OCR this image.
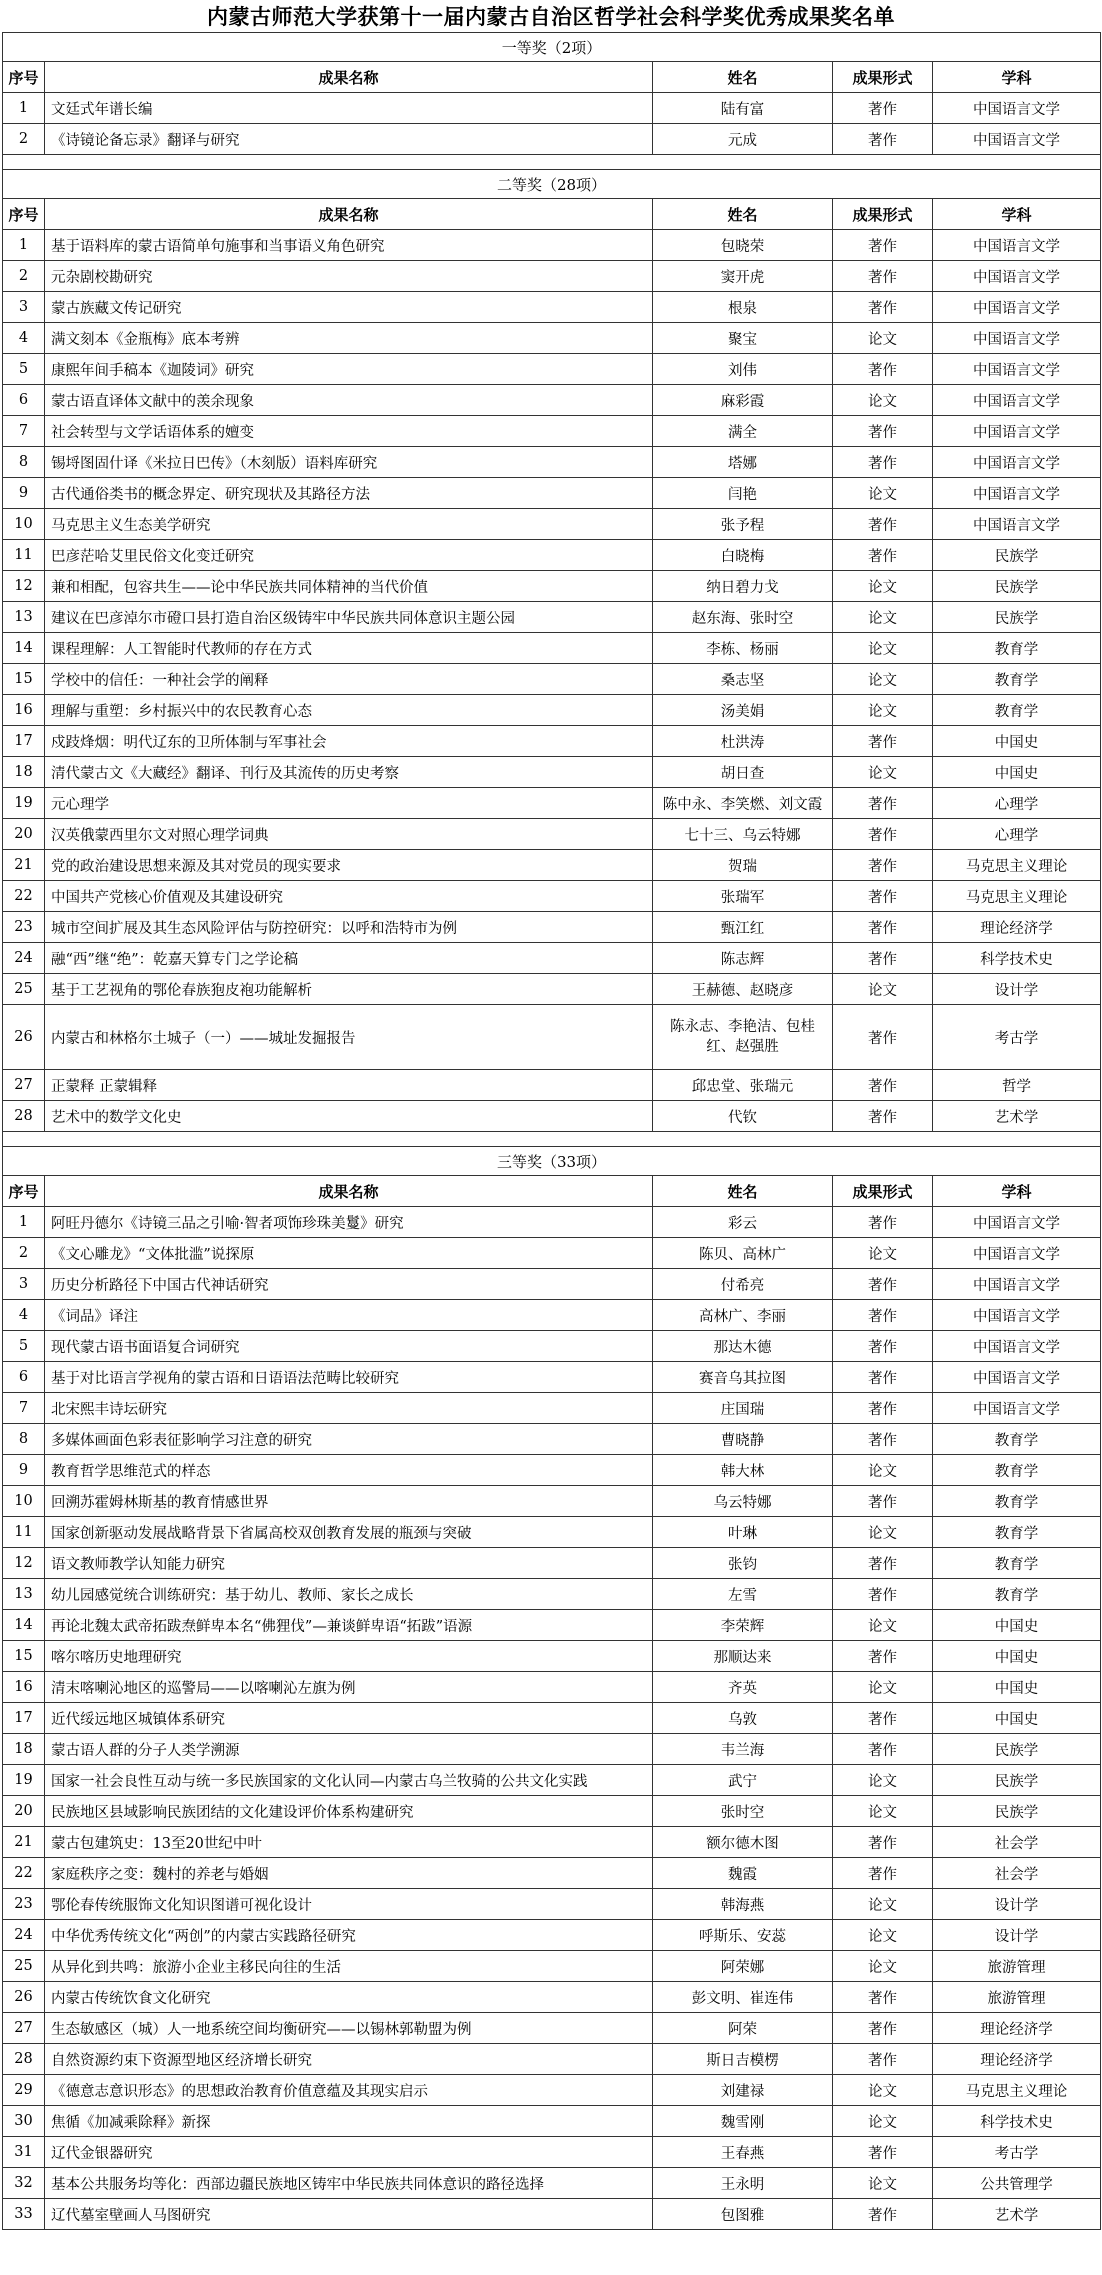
内蒙古师范大学获第十一届内蒙古自治区哲学社会科学奖优秀成果奖名单
一等奖（2项）				
序号	成果名称	姓名	成果形式	学科
1	文廷式年谱长编	陆有富	著作	中国语言文学
2	《诗镜论备忘录》翻译与研究	元成	著作	中国语言文学

二等奖（28项）				
序号	成果名称	姓名	成果形式	学科
1	基于语料库的蒙古语简单句施事和当事语义角色研究	包晓荣	著作	中国语言文学
2	元杂剧校勘研究	窦开虎	著作	中国语言文学
3	蒙古族藏文传记研究	根泉	著作	中国语言文学
4	满文刻本《金瓶梅》底本考辨	聚宝	论文	中国语言文学
5	康熙年间手稿本《迦陵词》研究	刘伟	著作	中国语言文学
6	蒙古语直译体文献中的羡余现象	麻彩霞	论文	中国语言文学
7	社会转型与文学话语体系的嬗变	满全	著作	中国语言文学
8	锡埒图固什译《米拉日巴传》（木刻版）语料库研究	塔娜	著作	中国语言文学
9	古代通俗类书的概念界定、研究现状及其路径方法	闫艳	论文	中国语言文学
10	马克思主义生态美学研究	张予程	著作	中国语言文学
11	巴彦茫哈艾里民俗文化变迁研究	白晓梅	著作	民族学
12	兼和相配，包容共生——论中华民族共同体精神的当代价值	纳日碧力戈	论文	民族学
13	建议在巴彦淖尔市磴口县打造自治区级铸牢中华民族共同体意识主题公园	赵东海、张时空	论文	民族学
14	课程理解：人工智能时代教师的存在方式	李栋、杨丽	论文	教育学
15	学校中的信任：一种社会学的阐释	桑志坚	论文	教育学
16	理解与重塑：乡村振兴中的农民教育心态	汤美娟	论文	教育学
17	戍跂烽烟：明代辽东的卫所体制与军事社会	杜洪涛	著作	中国史
18	清代蒙古文《大藏经》翻译、刊行及其流传的历史考察	胡日查	论文	中国史
19	元心理学	陈中永、李笑燃、刘文霞	著作	心理学
20	汉英俄蒙西里尔文对照心理学词典	七十三、乌云特娜	著作	心理学
21	党的政治建设思想来源及其对党员的现实要求	贺瑞	著作	马克思主义理论
22	中国共产党核心价值观及其建设研究	张瑞军	著作	马克思主义理论
23	城市空间扩展及其生态风险评估与防控研究：以呼和浩特市为例	甄江红	著作	理论经济学
24	融“西”继“绝”：乾嘉天算专门之学论稿	陈志辉	著作	科学技术史
25	基于工艺视角的鄂伦春族狍皮袍功能解析	王赫德、赵晓彦	论文	设计学
26	内蒙古和林格尔土城子（一）——城址发掘报告	陈永志、李艳洁、包桂红、赵强胜	著作	考古学
27	正蒙释 正蒙辑释	邱忠堂、张瑞元	著作	哲学
28	艺术中的数学文化史	代钦	著作	艺术学

三等奖（33项）				
序号	成果名称	姓名	成果形式	学科
1	阿旺丹德尔《诗镜三品之引喻·智者项饰珍珠美鬘》研究	彩云	著作	中国语言文学
2	《文心雕龙》“文体批滥”说探原	陈贝、高林广	论文	中国语言文学
3	历史分析路径下中国古代神话研究	付希亮	著作	中国语言文学
4	《词品》译注	高林广、李丽	著作	中国语言文学
5	现代蒙古语书面语复合词研究	那达木德	著作	中国语言文学
6	基于对比语言学视角的蒙古语和日语语法范畴比较研究	赛音乌其拉图	著作	中国语言文学
7	北宋熙丰诗坛研究	庄国瑞	著作	中国语言文学
8	多媒体画面色彩表征影响学习注意的研究	曹晓静	著作	教育学
9	教育哲学思维范式的样态	韩大林	论文	教育学
10	回溯苏霍姆林斯基的教育情感世界	乌云特娜	著作	教育学
11	国家创新驱动发展战略背景下省属高校双创教育发展的瓶颈与突破	叶琳	论文	教育学
12	语文教师教学认知能力研究	张钧	著作	教育学
13	幼儿园感觉统合训练研究：基于幼儿、教师、家长之成长	左雪	著作	教育学
14	再论北魏太武帝拓跋焘鲜卑本名“佛狸伐”—兼谈鲜卑语“拓跋”语源	李荣辉	论文	中国史
15	喀尔喀历史地理研究	那顺达来	著作	中国史
16	清末喀喇沁地区的巡警局——以喀喇沁左旗为例	齐英	论文	中国史
17	近代绥远地区城镇体系研究	乌敦	著作	中国史
18	蒙古语人群的分子人类学溯源	韦兰海	著作	民族学
19	国家一社会良性互动与统一多民族国家的文化认同—内蒙古乌兰牧骑的公共文化实践	武宁	论文	民族学
20	民族地区县域影响民族团结的文化建设评价体系构建研究	张时空	论文	民族学
21	蒙古包建筑史：13至20世纪中叶	额尔德木图	著作	社会学
22	家庭秩序之变：魏村的养老与婚姻	魏霞	著作	社会学
23	鄂伦春传统服饰文化知识图谱可视化设计	韩海燕	论文	设计学
24	中华优秀传统文化“两创”的内蒙古实践路径研究	呼斯乐、安蕊	论文	设计学
25	从异化到共鸣：旅游小企业主移民向往的生活	阿荣娜	论文	旅游管理
26	内蒙古传统饮食文化研究	彭文明、崔连伟	著作	旅游管理
27	生态敏感区（城）人一地系统空间均衡研究——以锡林郭勒盟为例	阿荣	著作	理论经济学
28	自然资源约束下资源型地区经济增长研究	斯日吉模楞	著作	理论经济学
29	《德意志意识形态》的思想政治教育价值意蕴及其现实启示	刘建禄	论文	马克思主义理论
30	焦循《加减乘除释》新探	魏雪刚	论文	科学技术史
31	辽代金银器研究	王春燕	著作	考古学
32	基本公共服务均等化：西部边疆民族地区铸牢中华民族共同体意识的路径选择	王永明	论文	公共管理学
33	辽代墓室壁画人马图研究	包图雅	著作	艺术学
